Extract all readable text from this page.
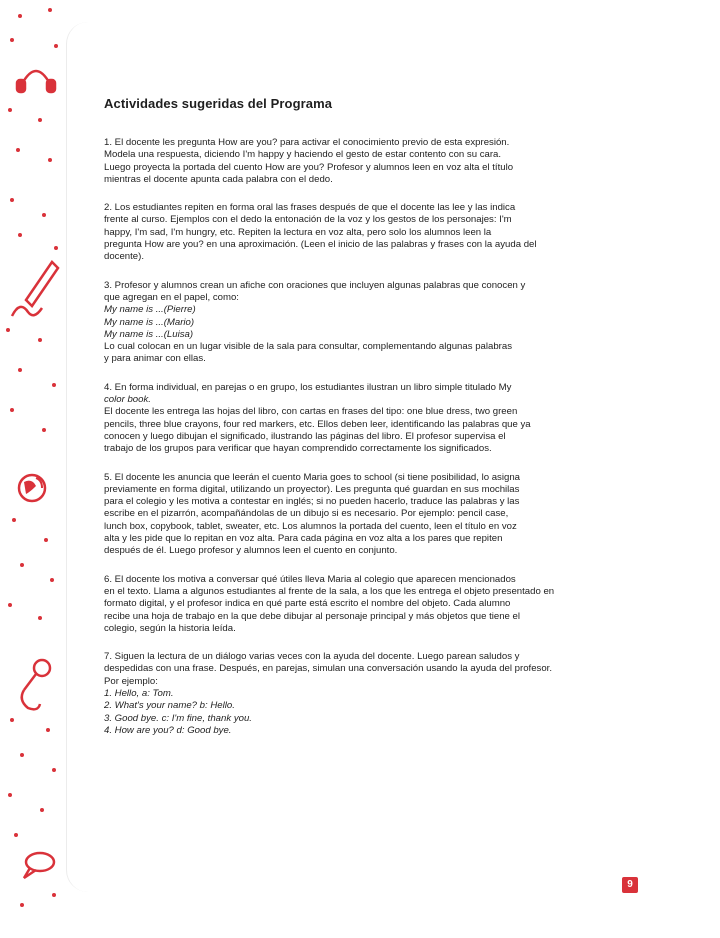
Actividades sugeridas del Programa

1. El docente les pregunta How are you? para activar el conocimiento previo de esta expresión.

Modela una respuesta, diciendo I'm happy y haciendo el gesto de estar contento con su cara.

Luego proyecta la portada del cuento How are you? Profesor y alumnos leen en voz alta el título

mientras el docente apunta cada palabra con el dedo.

2. Los estudiantes repiten en forma oral las frases después de que el docente las lee y las indica

frente al curso. Ejemplos con el dedo la entonación de la voz y los gestos de los personajes: I'm

happy, I'm sad, I'm hungry, etc. Repiten la lectura en voz alta, pero solo los alumnos leen la

pregunta How are you? en una aproximación. (Leen el inicio de las palabras y frases con la ayuda del

docente).

3. Profesor y alumnos crean un afiche con oraciones que incluyen algunas palabras que conocen y

que agregan en el papel, como:

My name is ...(Pierre)

My name is ...(Mario)

My name is ...(Luisa)

Lo cual colocan en un lugar visible de la sala para consultar, complementando algunas palabras

y para animar con ellas.

4. En forma individual, en parejas o en grupo, los estudiantes ilustran un libro simple titulado My

color book.

El docente les entrega las hojas del libro, con cartas en frases del tipo: one blue dress, two green

pencils, three blue crayons, four red markers, etc. Ellos deben leer, identificando las palabras que ya

conocen y luego dibujan el significado, ilustrando las páginas del libro. El profesor supervisa el

trabajo de los grupos para verificar que hayan comprendido correctamente los significados.

5. El docente les anuncia que leerán el cuento Maria goes to school (si tiene posibilidad, lo asigna

previamente en forma digital, utilizando un proyector). Les pregunta qué guardan en sus mochilas

para el colegio y les motiva a contestar en inglés; si no pueden hacerlo, traduce las palabras y las

escribe en el pizarrón, acompañándolas de un dibujo si es necesario. Por ejemplo: pencil case,

lunch box, copybook, tablet, sweater, etc. Los alumnos la portada del cuento, leen el título en voz

alta y les pide que lo repitan en voz alta. Para cada página en voz alta a los pares que repiten

después de él. Luego profesor y alumnos leen el cuento en conjunto.

6. El docente los motiva a conversar qué útiles lleva Maria al colegio que aparecen mencionados

en el texto. Llama a algunos estudiantes al frente de la sala, a los que les entrega el objeto presentado en

formato digital, y el profesor indica en qué parte está escrito el nombre del objeto. Cada alumno

recibe una hoja de trabajo en la que debe dibujar al personaje principal y más objetos que tiene el

colegio, según la historia leída.

7. Siguen la lectura de un diálogo varias veces con la ayuda del docente. Luego parean saludos y

despedidas con una frase. Después, en parejas, simulan una conversación usando la ayuda del profesor.

Por ejemplo:

1. Hello, a: Tom.

2. What's your name? b: Hello.

3. Good bye. c: I'm fine, thank you.

4. How are you? d: Good bye.

9
